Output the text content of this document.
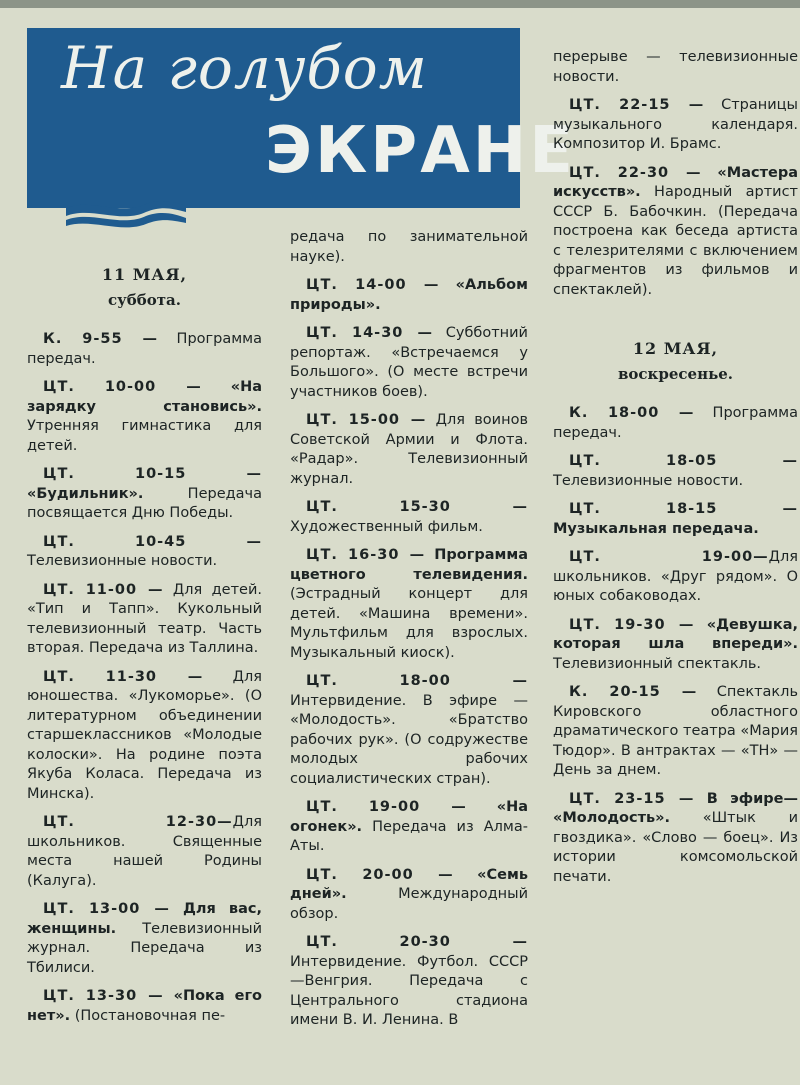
На голубом
ЭКРАНЕ
11 МАЯ,
суббота.

К. 9-55 — Программа передач.

ЦТ. 10-00 — «На зарядку становись». Утренняя гимнастика для детей.

ЦТ. 10-15 — «Будильник». Передача посвящается Дню Победы.

ЦТ. 10-45 — Телевизионные новости.

ЦТ. 11-00 — Для детей. «Тип и Тапп». Кукольный телевизионный театр. Часть вторая. Передача из Таллина.

ЦТ. 11-30 — Для юношества. «Лукоморье». (О литературном объединении старшеклассников «Молодые колоски». На родине поэта Якуба Коласа. Передача из Минска).

ЦТ. 12-30—Для школьников. Священные места нашей Родины (Калуга).

ЦТ. 13-00 — Для вас, женщины. Телевизионный журнал. Передача из Тбилиси.

ЦТ. 13-30 — «Пока его нет». (Постановочная пе-

редача по занимательной науке).

ЦТ. 14-00 — «Альбом природы».

ЦТ. 14-30 — Субботний репортаж. «Встречаемся у Большого». (О месте встречи участников боев).

ЦТ. 15-00 — Для воинов Советской Армии и Флота. «Радар». Телевизионный журнал.

ЦТ. 15-30 — Художественный фильм.

ЦТ. 16-30 — Программа цветного телевидения. (Эстрадный концерт для детей. «Машина времени». Мультфильм для взрослых. Музыкальный киоск).

ЦТ. 18-00 — Интервидение. В эфире — «Молодость». «Братство рабочих рук». (О содружестве молодых рабочих социалистических стран).

ЦТ. 19-00 — «На огонек». Передача из Алма-Аты.

ЦТ. 20-00 — «Семь дней». Международный обзор.

ЦТ. 20-30 — Интервидение. Футбол. СССР—Венгрия. Передача с Центрального стадиона имени В. И. Ленина. В

перерыве — телевизионные новости.

ЦТ. 22-15 — Страницы музыкального календаря. Композитор И. Брамс.

ЦТ. 22-30 — «Мастера искусств». Народный артист СССР Б. Бабочкин. (Передача построена как беседа артиста с телезрителями с включением фрагментов из фильмов и спектаклей).

12 МАЯ,
воскресенье.

К. 18-00 — Программа передач.

ЦТ. 18-05 — Телевизионные новости.

ЦТ. 18-15 — Музыкальная передача.

ЦТ. 19-00—Для школьников. «Друг рядом». О юных собаководах.

ЦТ. 19-30 — «Девушка, которая шла впереди». Телевизионный спектакль.

К. 20-15 — Спектакль Кировского областного драматического театра «Мария Тюдор». В антрактах — «ТН» — День за днем.

ЦТ. 23-15 — В эфире— «Молодость». «Штык и гвоздика». «Слово — боец». Из истории комсомольской печати.
